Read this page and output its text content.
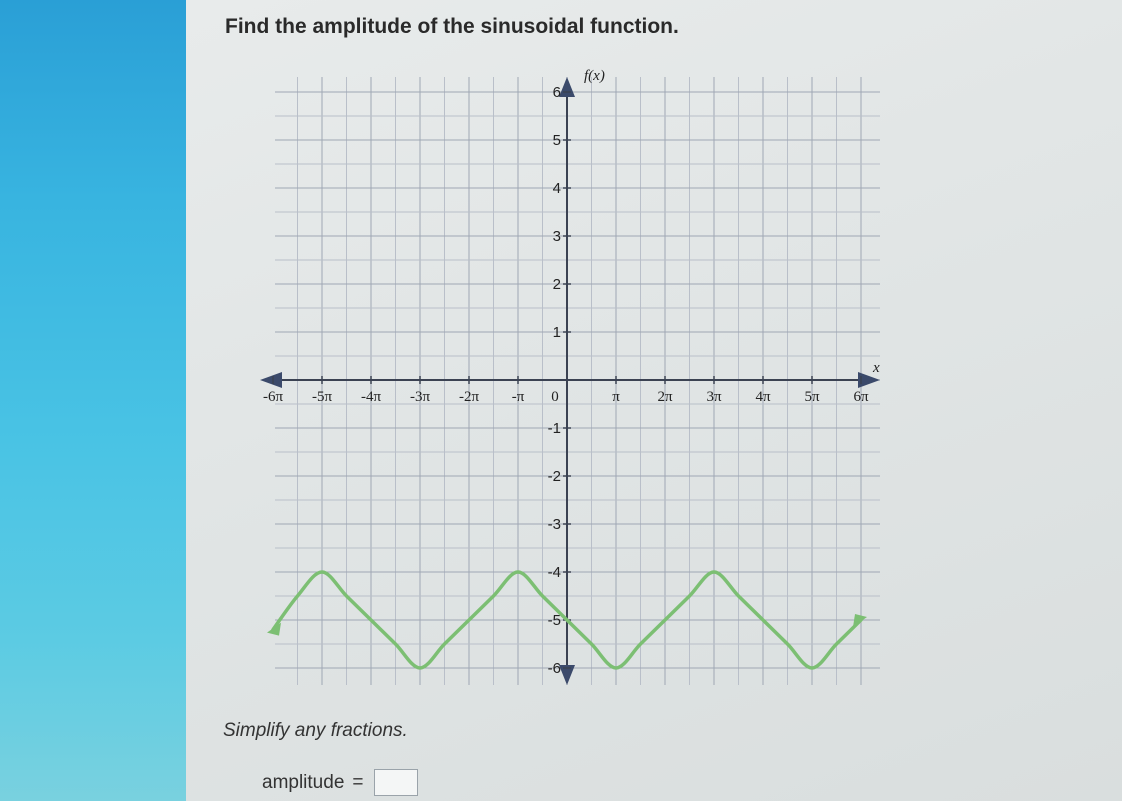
Find the amplitude of the sinusoidal function.
f(x)
x
-6π -5π -4π -3π -2π -π 0	π	2π 3π 4π 5π 6π
6
5
4
3
2
1
-1
-2
-3
-4
-5
-6
Simplify any fractions.
amplitude =
